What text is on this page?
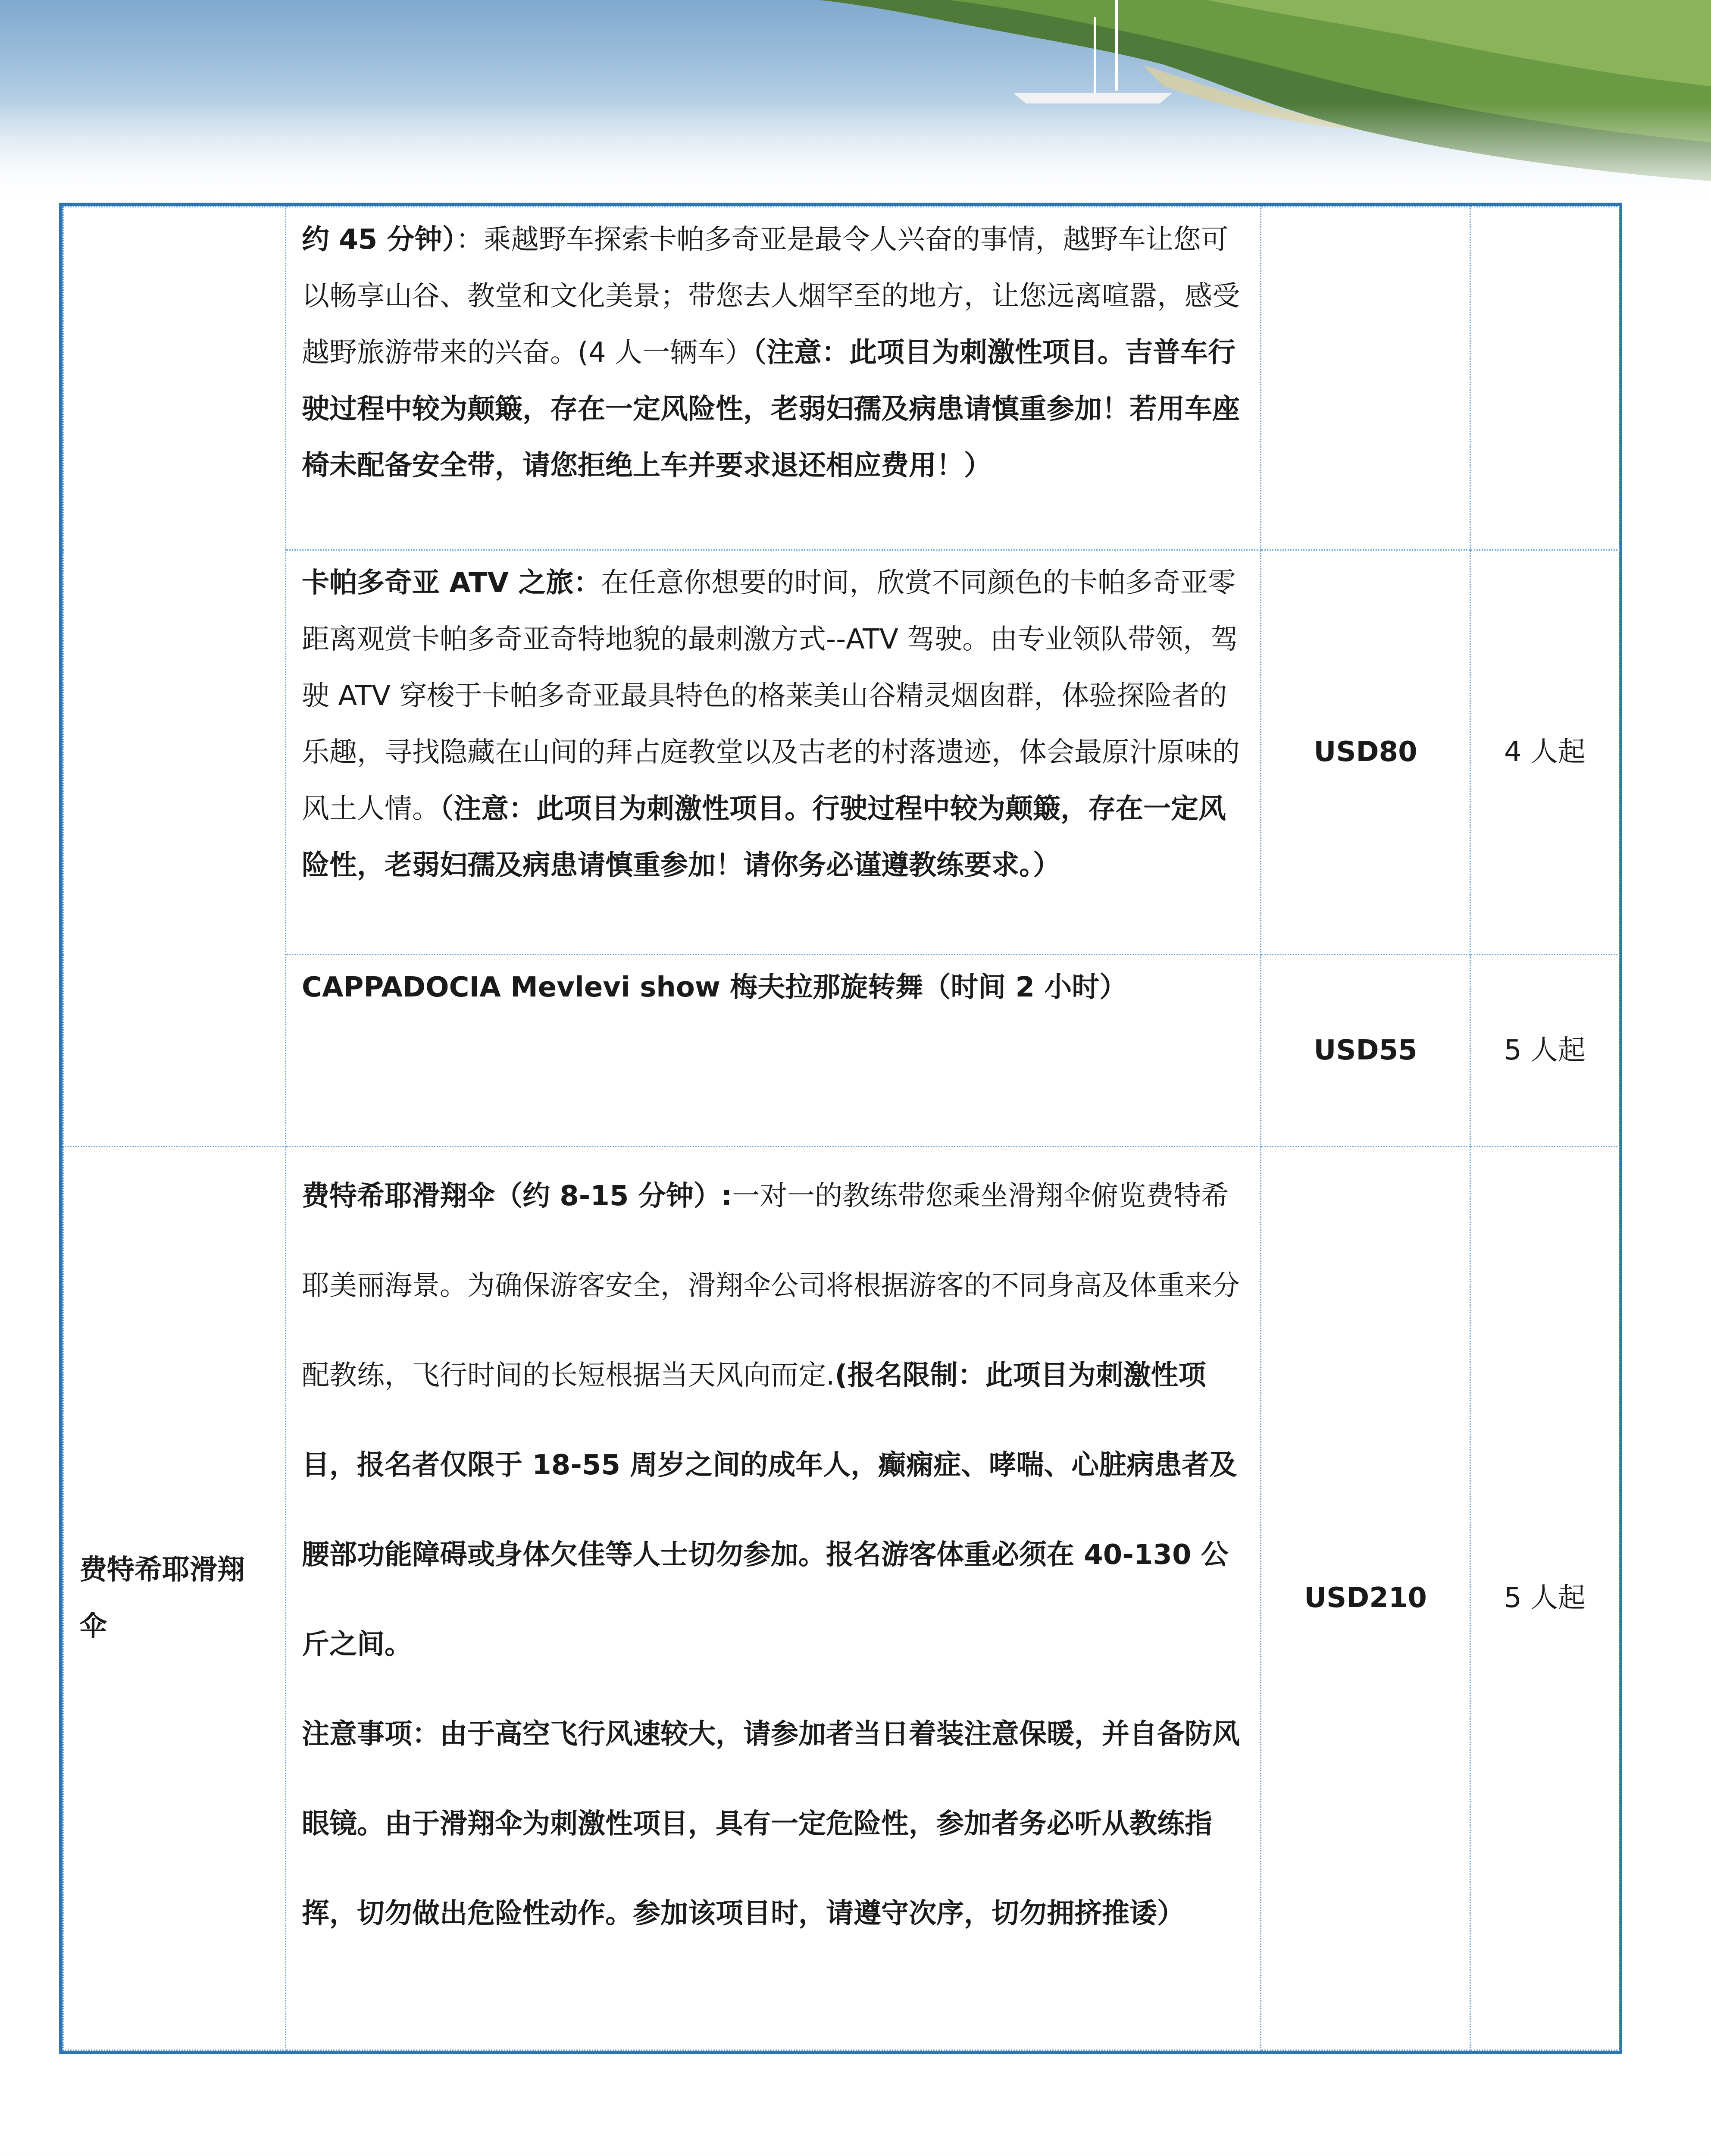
	约 45 分钟）：乘越野车探索卡帕多奇亚是最令人兴奋的事情，越野车让您可以畅享山谷、教堂和文化美景；带您去人烟罕至的地方，让您远离喧嚣，感受越野旅游带来的兴奋。(4 人一辆车）（注意：此项目为刺激性项目。吉普车行驶过程中较为颠簸，存在一定风险性，老弱妇孺及病患请慎重参加！若用车座椅未配备安全带，请您拒绝上车并要求退还相应费用！）		
	卡帕多奇亚 ATV 之旅：在任意你想要的时间，欣赏不同颜色的卡帕多奇亚零距离观赏卡帕多奇亚奇特地貌的最刺激方式--ATV 驾驶。由专业领队带领，驾驶 ATV 穿梭于卡帕多奇亚最具特色的格莱美山谷精灵烟囱群，体验探险者的乐趣，寻找隐藏在山间的拜占庭教堂以及古老的村落遗迹，体会最原汁原味的风土人情。（注意：此项目为刺激性项目。行驶过程中较为颠簸，存在一定风险性，老弱妇孺及病患请慎重参加！请你务必谨遵教练要求。）	USD80	4 人起
	CAPPADOCIA Mevlevi show 梅夫拉那旋转舞（时间 2 小时）	USD55	5 人起
费特希耶滑翔伞	费特希耶滑翔伞（约 8-15 分钟）:一对一的教练带您乘坐滑翔伞俯览费特希耶美丽海景。为确保游客安全，滑翔伞公司将根据游客的不同身高及体重来分配教练，飞行时间的长短根据当天风向而定.(报名限制：此项目为刺激性项目，报名者仅限于 18-55 周岁之间的成年人，癫痫症、哮喘、心脏病患者及腰部功能障碍或身体欠佳等人士切勿参加。报名游客体重必须在 40-130 公斤之间。
注意事项：由于高空飞行风速较大，请参加者当日着装注意保暖，并自备防风眼镜。由于滑翔伞为刺激性项目，具有一定危险性，参加者务必听从教练指挥，切勿做出危险性动作。参加该项目时，请遵守次序，切勿拥挤推诿）	USD210	5 人起
